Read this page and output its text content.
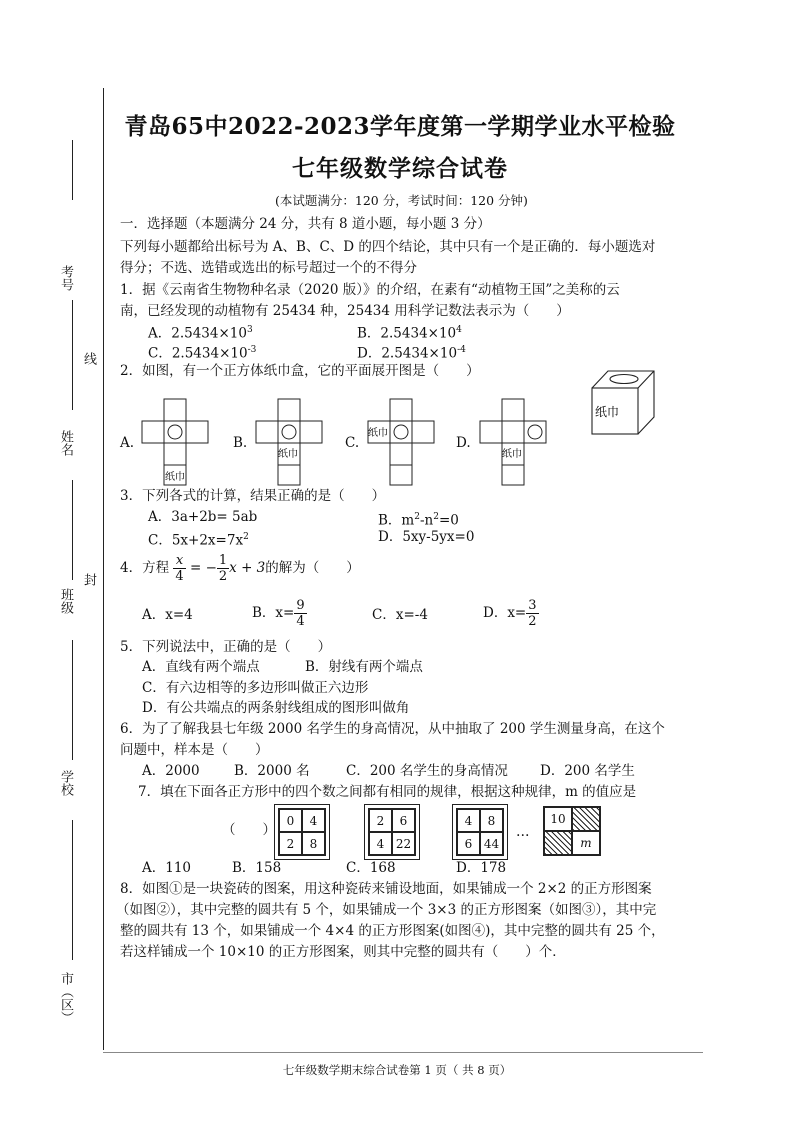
考号
线
姓名
班级
封
学校
市（区）
青岛65中2022-2023学年度第一学期学业水平检验
七年级数学综合试卷
(本试题满分：120 分，考试时间：120 分钟)
一．选择题（本题满分 24 分，共有 8 道小题，每小题 3 分）
下列每小题都给出标号为 A、B、C、D 的四个结论，其中只有一个是正确的．每小题选对
得分；不选、选错或选出的标号超过一个的不得分
1．据《云南省生物物种名录（2020 版）》的介绍，在素有“动植物王国”之美称的云
南，已经发现的动植物有 25434 种，25434 用科学记数法表示为（　　）
A．$2.5434\times 10^3$	B．$2.5434\times 10^4$
C．$2.5434\times 10^{-3}$	D．$2.5434\times 10^{-4}$
2．如图，有一个正方体纸巾盒，它的平面展开图是（　　）
A.	B.	C.	D.
纸巾
纸巾
纸巾
纸巾
纸巾
3．下列各式的计算，结果正确的是（　　）
A．3a+2b= 5ab	B．$m^2-n^2=0$
C．$5x+2x=7x^2$	D．5xy-5yx=0
4．方程 $\frac{x}{4}$ = − $\frac{1}{2}$ x + 3的解为（　　）
A．x=4	B．$x= \frac{9}{4}$	C．x=-4	D．$x= \frac{3}{2}$
5．下列说法中，正确的是（　　）
A．直线有两个端点	B．射线有两个端点
C．有六边相等的多边形叫做正六边形
D．有公共端点的两条射线组成的图形叫做角
6．为了了解我县七年级 2000 名学生的身高情况，从中抽取了 200 学生测量身高，在这个
问题中，样本是（　　）
A．2000	B．2000 名	C．200 名学生的身高情况 D．200 名学生
7．填在下面各正方形中的四个数之间都有相同的规律，根据这种规律，m 的值应是
（　　）
0	4
2	8
2	6
4 22
4	8
6 44
…
10
m
A．110	B．158	C．168	D．178
8．如图①是一块瓷砖的图案，用这种瓷砖来铺设地面，如果铺成一个 2×2 的正方形图案
（如图②），其中完整的圆共有 5 个，如果铺成一个 3×3 的正方形图案（如图③），其中完
整的圆共有 13 个，如果铺成一个 4×4 的正方形图案(如图④)，其中完整的圆共有 25 个，
若这样铺成一个 10×10 的正方形图案，则其中完整的圆共有（　　）个．
七年级数学期末综合试卷第 1 页（ 共 8 页）
